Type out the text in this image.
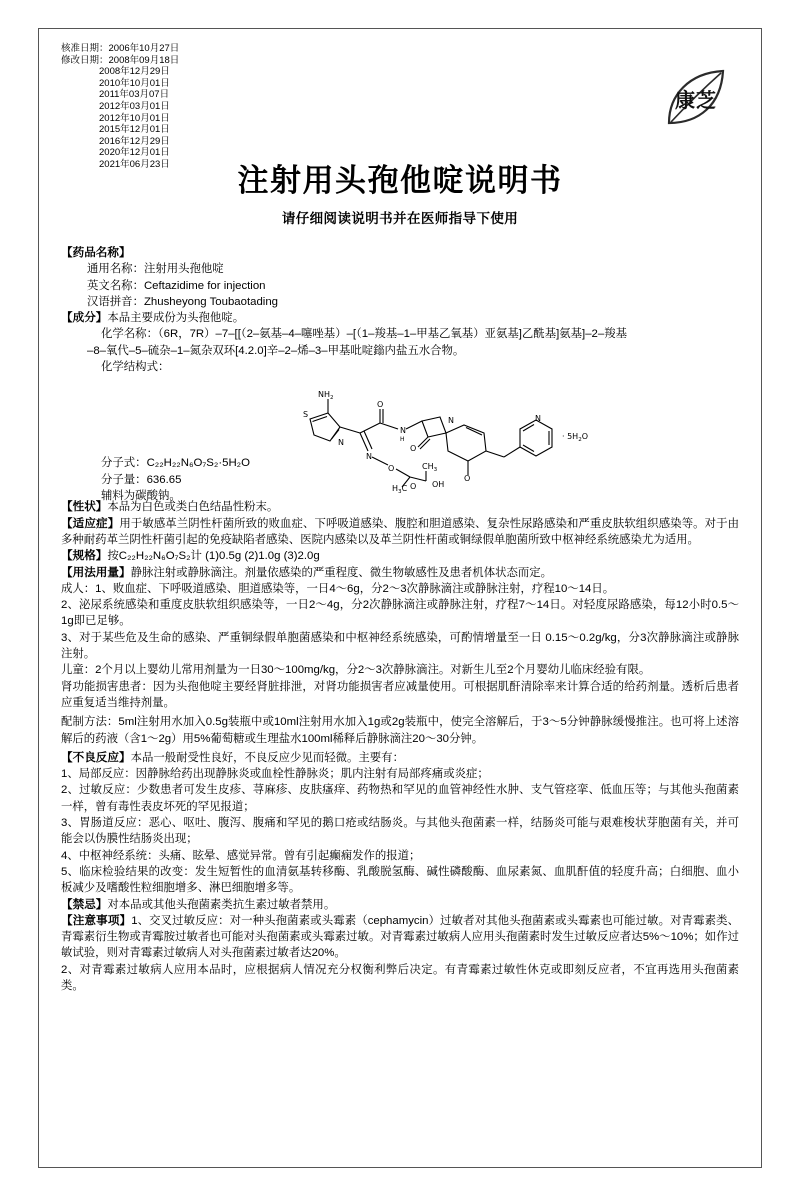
核准日期：2006年10月27日
修改日期：2008年09月18日
2008年12月29日
2010年10月01日
2011年03月07日
2012年03月01日
2012年10月01日
2015年12月01日
2016年12月29日
2020年12月01日
2021年06月23日
康芝
注射用头孢他啶说明书
请仔细阅读说明书并在医师指导下使用
【药品名称】
通用名称：注射用头孢他啶
英文名称：Ceftazidime for injection
汉语拼音：Zhusheyong Toubaotading
【成分】本品主要成份为头孢他啶。
化学名称：（6R，7R）–7–[[（2–氨基–4–噻唑基）–[（1–羧基–1–甲基乙氧基）亚氨基]乙酰基]氨基]–2–羧基
–8–氧代–5–硫杂–1–氮杂双环[4.2.0]辛–2–烯–3–甲基吡啶鎓内盐五水合物。
化学结构式：
$NH_2$
S
N
N
O
$H_3C$
$CH_3$
OH
O
N
H
O
O
N
O
N
· $5H_2O$
分子式：C₂₂H₂₂N₆O₇S₂·5H₂O
分子量：636.65
辅料为碳酸钠。
【性状】本品为白色或类白色结晶性粉末。
【适应症】用于敏感革兰阴性杆菌所致的败血症、下呼吸道感染、腹腔和胆道感染、复杂性尿路感染和严重皮肤软组织感染等。对于由多种耐药革兰阴性杆菌引起的免疫缺陷者感染、医院内感染以及革兰阴性杆菌或铜绿假单胞菌所致中枢神经系统感染尤为适用。
【规格】按C₂₂H₂₂N₆O₇S₂计 (1)0.5g (2)1.0g (3)2.0g
【用法用量】静脉注射或静脉滴注。剂量依感染的严重程度、微生物敏感性及患者机体状态而定。
成人：1、败血症、下呼吸道感染、胆道感染等，一日4～6g，分2～3次静脉滴注或静脉注射，疗程10～14日。
2、泌尿系统感染和重度皮肤软组织感染等，一日2～4g，分2次静脉滴注或静脉注射，疗程7～14日。对轻度尿路感染，每12小时0.5～1g即已足够。
3、对于某些危及生命的感染、严重铜绿假单胞菌感染和中枢神经系统感染，可酌情增量至一日 0.15～0.2g/kg，分3次静脉滴注或静脉注射。
儿童：2个月以上婴幼儿常用剂量为一日30～100mg/kg，分2～3次静脉滴注。对新生儿至2个月婴幼儿临床经验有限。
肾功能损害患者：因为头孢他啶主要经肾脏排泄，对肾功能损害者应减量使用。可根据肌酐清除率来计算合适的给药剂量。透析后患者应重复适当维持剂量。
配制方法：5ml注射用水加入0.5g装瓶中或10ml注射用水加入1g或2g装瓶中，使完全溶解后，于3～5分钟静脉缓慢推注。也可将上述溶解后的药液（含1～2g）用5%葡萄糖或生理盐水100ml稀释后静脉滴注20～30分钟。
【不良反应】本品一般耐受性良好，不良反应少见而轻微。主要有：
1、局部反应：因静脉给药出现静脉炎或血栓性静脉炎；肌内注射有局部疼痛或炎症；
2、过敏反应：少数患者可发生皮疹、荨麻疹、皮肤瘙痒、药物热和罕见的血管神经性水肿、支气管痉挛、低血压等；与其他头孢菌素一样，曾有毒性表皮坏死的罕见报道；
3、胃肠道反应：恶心、呕吐、腹泻、腹痛和罕见的鹅口疮或结肠炎。与其他头孢菌素一样，结肠炎可能与艰难梭状芽胞菌有关，并可能会以伪膜性结肠炎出现；
4、中枢神经系统：头痛、眩晕、感觉异常。曾有引起癫痫发作的报道；
5、临床检验结果的改变：发生短暂性的血清氨基转移酶、乳酸脱氢酶、碱性磷酸酶、血尿素氮、血肌酐值的轻度升高；白细胞、血小板减少及嗜酸性粒细胞增多、淋巴细胞增多等。
【禁忌】对本品或其他头孢菌素类抗生素过敏者禁用。
【注意事项】1、交叉过敏反应：对一种头孢菌素或头霉素（cephamycin）过敏者对其他头孢菌素或头霉素也可能过敏。对青霉素类、青霉素衍生物或青霉胺过敏者也可能对头孢菌素或头霉素过敏。对青霉素过敏病人应用头孢菌素时发生过敏反应者达5%～10%；如作过敏试验，则对青霉素过敏病人对头孢菌素过敏者达20%。
2、对青霉素过敏病人应用本品时，应根据病人情况充分权衡利弊后决定。有青霉素过敏性休克或即刻反应者，不宜再选用头孢菌素类。
